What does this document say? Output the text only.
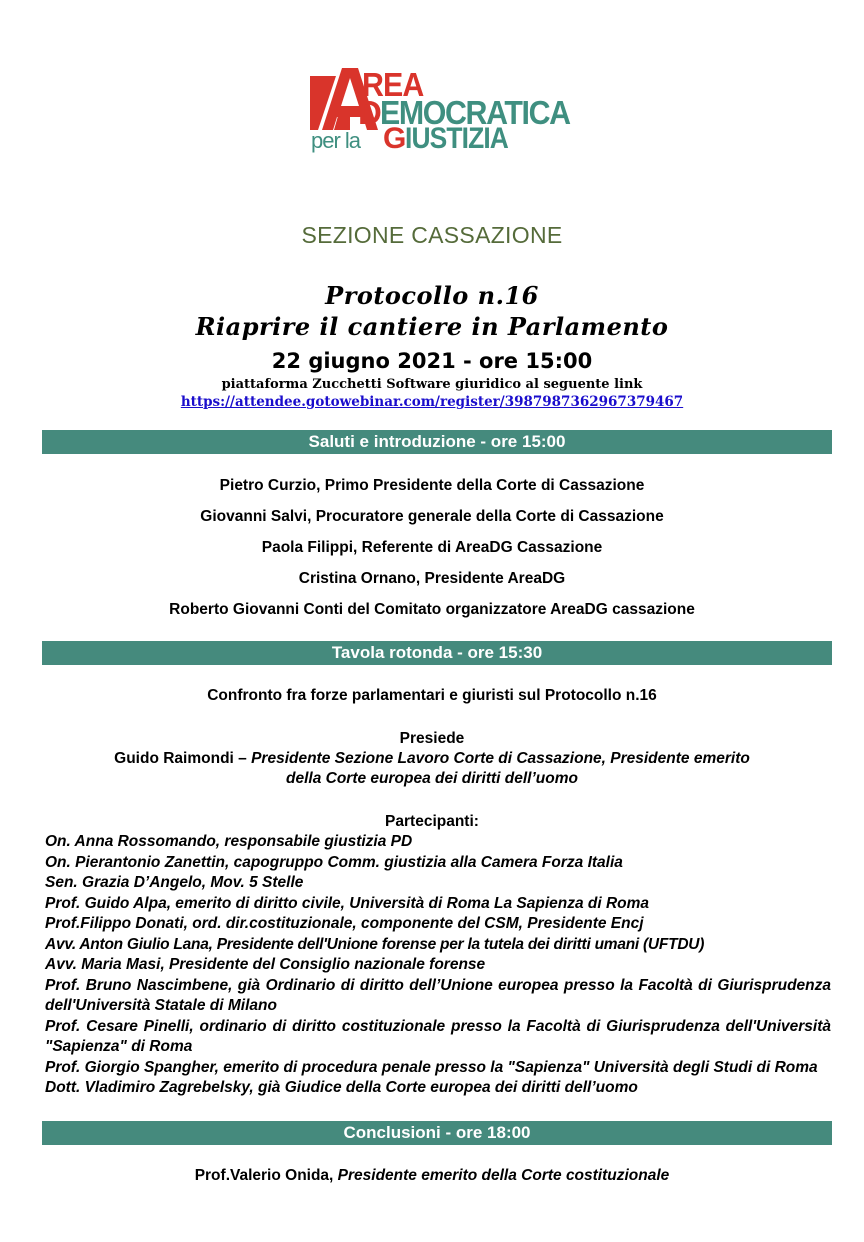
REA
D
EMOCRATICA
per la G
IUSTIZIA
SEZIONE CASSAZIONE
Protocollo n.16
Riaprire il cantiere in Parlamento
22 giugno 2021 - ore 15:00
piattaforma Zucchetti Software giuridico al seguente link
https://attendee.gotowebinar.com/register/3987987362967379467
Saluti e introduzione - ore 15:00
Pietro Curzio, Primo Presidente della Corte di Cassazione
Giovanni Salvi, Procuratore generale della Corte di Cassazione
Paola Filippi, Referente di AreaDG Cassazione
Cristina Ornano, Presidente AreaDG
Roberto Giovanni Conti del Comitato organizzatore AreaDG cassazione
Tavola rotonda - ore 15:30
Confronto fra forze parlamentari e giuristi sul Protocollo n.16
Presiede
Guido Raimondi – Presidente Sezione Lavoro Corte di Cassazione, Presidente emerito
della Corte europea dei diritti dell’uomo
Partecipanti:
On. Anna Rossomando, responsabile giustizia PD
On. Pierantonio Zanettin, capogruppo Comm. giustizia alla Camera Forza Italia
Sen. Grazia D’Angelo, Mov. 5 Stelle
Prof. Guido Alpa, emerito di diritto civile, Università di Roma La Sapienza di Roma
Prof.Filippo Donati, ord. dir.costituzionale, componente del CSM, Presidente Encj
Avv. Anton Giulio Lana, Presidente dell'Unione forense per la tutela dei diritti umani (UFTDU)
Avv. Maria Masi, Presidente del Consiglio nazionale forense
Prof. Bruno Nascimbene, già Ordinario di diritto dell’Unione europea presso la Facoltà di Giurisprudenza dell'Università Statale di Milano
Prof. Cesare Pinelli, ordinario di diritto costituzionale presso la Facoltà di Giurisprudenza dell'Università "Sapienza" di Roma
Prof. Giorgio Spangher, emerito di procedura penale presso la "Sapienza" Università degli Studi di Roma
Dott. Vladimiro Zagrebelsky, già Giudice della Corte europea dei diritti dell’uomo
Conclusioni - ore 18:00
Prof.Valerio Onida, Presidente emerito della Corte costituzionale
